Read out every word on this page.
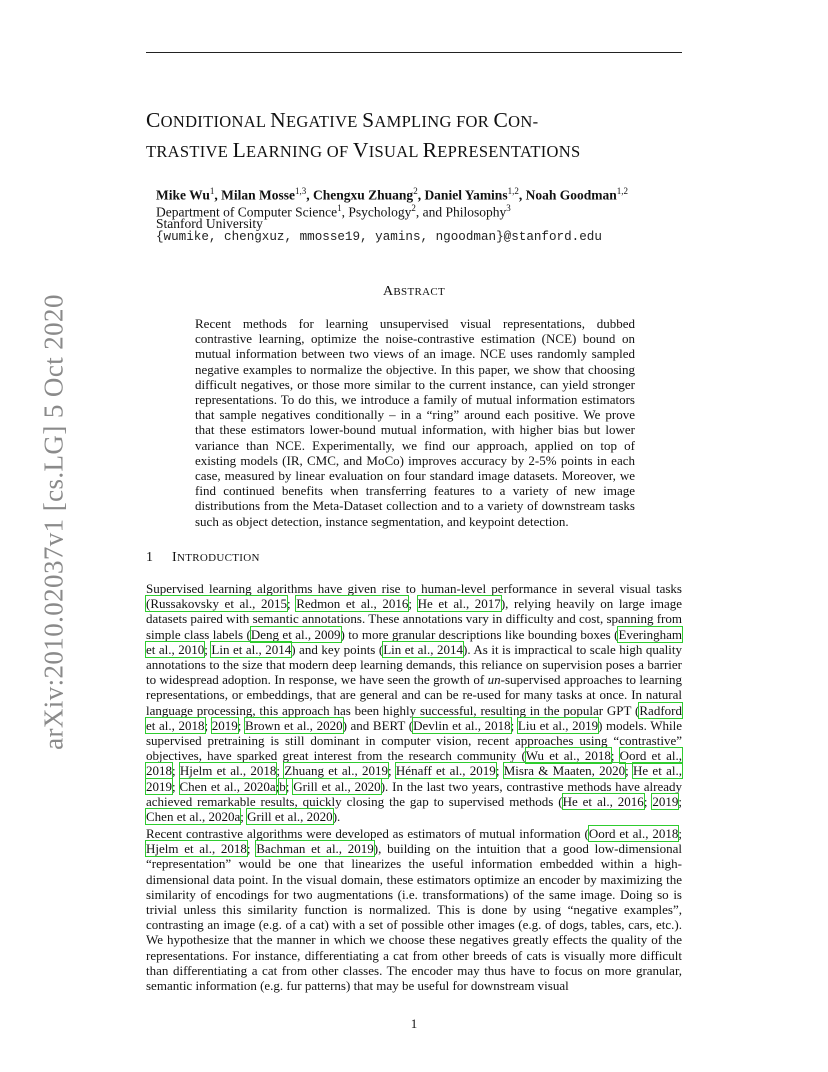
arXiv:2010.02037v1 [cs.LG] 5 Oct 2020
CONDITIONAL NEGATIVE SAMPLING FOR CON-
TRASTIVE LEARNING OF VISUAL REPRESENTATIONS
Mike Wu$^1$, Milan Mosse$^{1,3}$, Chengxu Zhuang$^2$, Daniel Yamins$^{1,2}$, Noah Goodman$^{1,2}$
Department of Computer Science$^1$, Psychology$^2$, and Philosophy$^3$
Stanford University
{wumike, chengxuz, mmosse19, yamins, ngoodman}@stanford.edu
ABSTRACT
Recent methods for learning unsupervised visual representations, dubbed contrastive learning, optimize the noise-contrastive estimation (NCE) bound on mutual information between two views of an image. NCE uses randomly sampled negative examples to normalize the objective. In this paper, we show that choosing difficult negatives, or those more similar to the current instance, can yield stronger representations. To do this, we introduce a family of mutual information estimators that sample negatives conditionally – in a “ring” around each positive. We prove that these estimators lower-bound mutual information, with higher bias but lower variance than NCE. Experimentally, we find our approach, applied on top of existing models (IR, CMC, and MoCo) improves accuracy by 2-5% points in each case, measured by linear evaluation on four standard image datasets. Moreover, we find continued benefits when transferring features to a variety of new image distributions from the Meta-Dataset collection and to a variety of downstream tasks such as object detection, instance segmentation, and keypoint detection.
1 INTRODUCTION
Supervised learning algorithms have given rise to human-level performance in several visual tasks (Russakovsky et al., 2015; Redmon et al., 2016; He et al., 2017), relying heavily on large image datasets paired with semantic annotations. These annotations vary in difficulty and cost, spanning from simple class labels (Deng et al., 2009) to more granular descriptions like bounding boxes (Everingham et al., 2010; Lin et al., 2014) and key points (Lin et al., 2014). As it is impractical to scale high quality annotations to the size that modern deep learning demands, this reliance on supervision poses a barrier to widespread adoption. In response, we have seen the growth of un-supervised approaches to learning representations, or embeddings, that are general and can be re-used for many tasks at once. In natural language processing, this approach has been highly successful, resulting in the popular GPT (Radford et al., 2018; 2019; Brown et al., 2020) and BERT (Devlin et al., 2018; Liu et al., 2019) models. While supervised pretraining is still dominant in computer vision, recent approaches using “contrastive” objectives, have sparked great interest from the research community (Wu et al., 2018; Oord et al., 2018; Hjelm et al., 2018; Zhuang et al., 2019; Hénaff et al., 2019; Misra & Maaten, 2020; He et al., 2019; Chen et al., 2020a;b; Grill et al., 2020). In the last two years, contrastive methods have already achieved remarkable results, quickly closing the gap to supervised methods (He et al., 2016; 2019; Chen et al., 2020a; Grill et al., 2020).
Recent contrastive algorithms were developed as estimators of mutual information (Oord et al., 2018; Hjelm et al., 2018; Bachman et al., 2019), building on the intuition that a good low-dimensional “representation” would be one that linearizes the useful information embedded within a high-dimensional data point. In the visual domain, these estimators optimize an encoder by maximizing the similarity of encodings for two augmentations (i.e. transformations) of the same image. Doing so is trivial unless this similarity function is normalized. This is done by using “negative examples”, contrasting an image (e.g. of a cat) with a set of possible other images (e.g. of dogs, tables, cars, etc.). We hypothesize that the manner in which we choose these negatives greatly effects the quality of the representations. For instance, differentiating a cat from other breeds of cats is visually more difficult than differentiating a cat from other classes. The encoder may thus have to focus on more granular, semantic information (e.g. fur patterns) that may be useful for downstream visual
1
